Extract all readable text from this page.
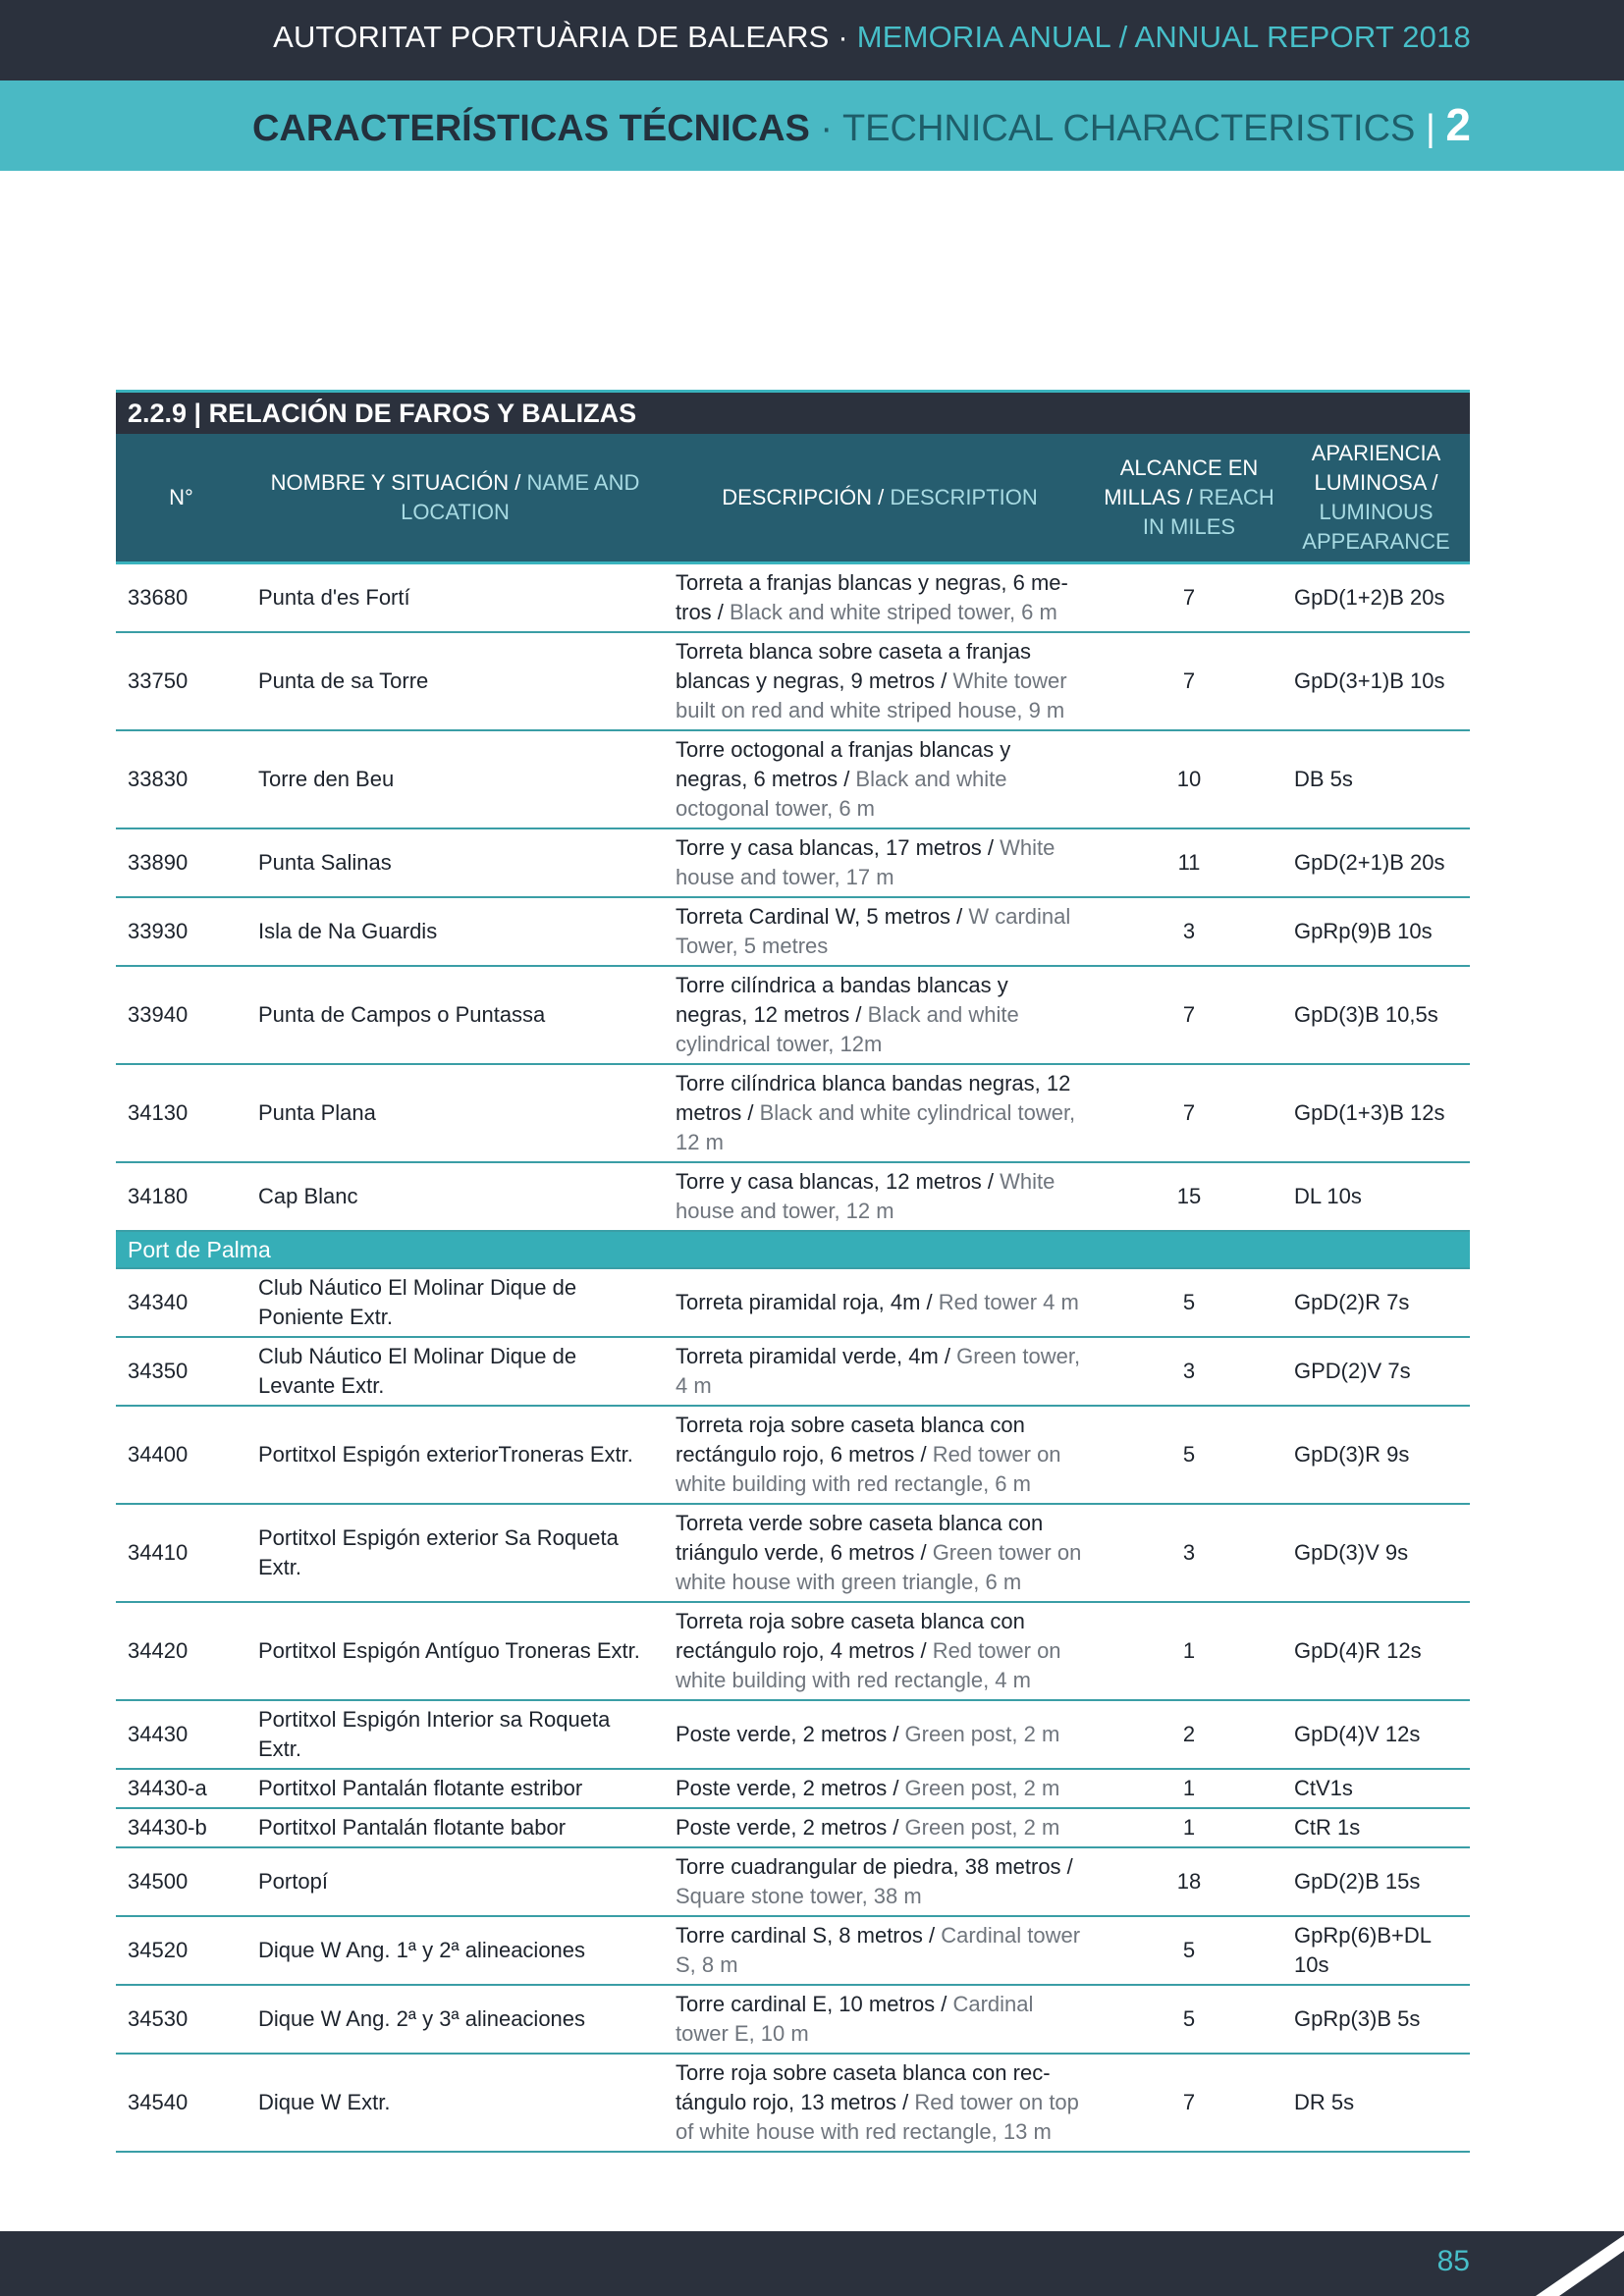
AUTORITAT PORTUÀRIA DE BALEARS · MEMORIA ANUAL / ANNUAL REPORT 2018
CARACTERÍSTICAS TÉCNICAS · TECHNICAL CHARACTERISTICS | 2
2.2.9 | RELACIÓN DE FAROS Y BALIZAS
N°	NOMBRE Y SITUACIÓN / NAME AND LOCATION	DESCRIPCIÓN / DESCRIPTION	ALCANCE EN MILLAS / REACH IN MILES	APARIENCIA LUMINOSA / LUMINOUS APPEARANCE
33680	Punta d'es Fortí	Torreta a franjas blancas y negras, 6 me-tros / Black and white striped tower, 6 m	7	GpD(1+2)B 20s
33750	Punta de sa Torre	Torreta blanca sobre caseta a franjas blancas y negras, 9 metros / White tower built on red and white striped house, 9 m	7	GpD(3+1)B 10s
33830	Torre den Beu	Torre octogonal a franjas blancas y negras, 6 metros / Black and white octogonal tower, 6 m	10	DB 5s
33890	Punta Salinas	Torre y casa blancas, 17 metros / White house and tower, 17 m	11	GpD(2+1)B 20s
33930	Isla de Na Guardis	Torreta Cardinal W, 5 metros / W cardinal Tower, 5 metres	3	GpRp(9)B 10s
33940	Punta de Campos o Puntassa	Torre cilíndrica a bandas blancas y negras, 12 metros / Black and white cylindrical tower, 12m	7	GpD(3)B 10,5s
34130	Punta Plana	Torre cilíndrica blanca bandas negras, 12 metros / Black and white cylindrical tower, 12 m	7	GpD(1+3)B 12s
34180	Cap Blanc	Torre y casa blancas, 12 metros / White house and tower, 12 m	15	DL 10s
Port de Palma				
34340	Club Náutico El Molinar Dique de Poniente Extr.	Torreta piramidal roja, 4m / Red tower 4 m	5	GpD(2)R 7s
34350	Club Náutico El Molinar Dique de Levante Extr.	Torreta piramidal verde, 4m / Green tower, 4 m	3	GPD(2)V 7s
34400	Portitxol Espigón exteriorTroneras Extr.	Torreta roja sobre caseta blanca con rectángulo rojo, 6 metros / Red tower on white building with red rectangle, 6 m	5	GpD(3)R 9s
34410	Portitxol Espigón exterior Sa Roqueta Extr.	Torreta verde sobre caseta blanca con triángulo verde, 6 metros / Green tower on white house with green triangle, 6 m	3	GpD(3)V 9s
34420	Portitxol Espigón Antíguo Troneras Extr.	Torreta roja sobre caseta blanca con rectángulo rojo, 4 metros / Red tower on white building with red rectangle, 4 m	1	GpD(4)R 12s
34430	Portitxol Espigón Interior sa Roqueta Extr.	Poste verde, 2 metros / Green post, 2 m	2	GpD(4)V 12s
34430-a	Portitxol Pantalán flotante estribor	Poste verde, 2 metros / Green post, 2 m	1	CtV1s
34430-b	Portitxol Pantalán flotante babor	Poste verde, 2 metros / Green post, 2 m	1	CtR 1s
34500	Portopí	Torre cuadrangular de piedra, 38 metros / Square stone tower, 38 m	18	GpD(2)B 15s
34520	Dique W Ang. 1ª y 2ª alineaciones	Torre cardinal S, 8 metros / Cardinal tower S, 8 m	5	GpRp(6)B+DL 10s
34530	Dique W Ang. 2ª y 3ª alineaciones	Torre cardinal E, 10 metros / Cardinal tower E, 10 m	5	GpRp(3)B 5s
34540	Dique W Extr.	Torre roja sobre caseta blanca con rec-tángulo rojo, 13 metros / Red tower on top of white house with red rectangle, 13 m	7	DR 5s
85
